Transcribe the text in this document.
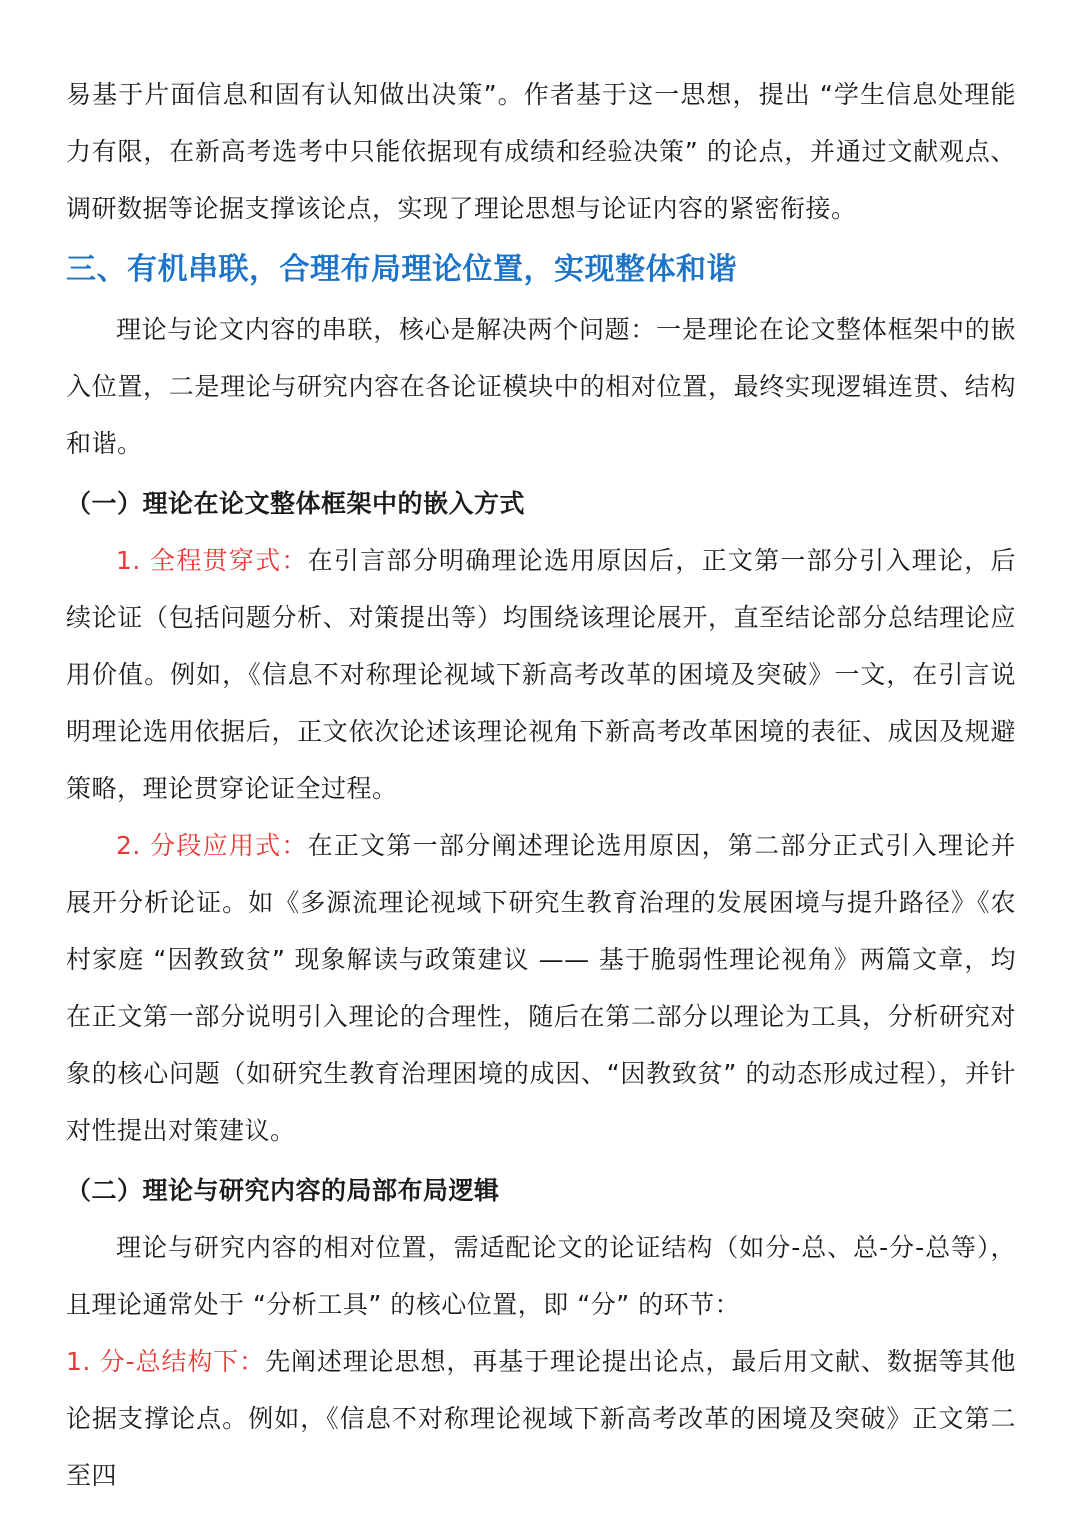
易基于片面信息和固有认知做出决策”。作者基于这一思想，提出 “学生信息处理能力有限，在新高考选考中只能依据现有成绩和经验决策” 的论点，并通过文献观点、调研数据等论据支撑该论点，实现了理论思想与论证内容的紧密衔接。

三、有机串联，合理布局理论位置，实现整体和谐

理论与论文内容的串联，核心是解决两个问题：一是理论在论文整体框架中的嵌入位置，二是理论与研究内容在各论证模块中的相对位置，最终实现逻辑连贯、结构和谐。

（一）理论在论文整体框架中的嵌入方式

1. 全程贯穿式：在引言部分明确理论选用原因后，正文第一部分引入理论，后续论证（包括问题分析、对策提出等）均围绕该理论展开，直至结论部分总结理论应用价值。例如，《信息不对称理论视域下新高考改革的困境及突破》一文，在引言说明理论选用依据后，正文依次论述该理论视角下新高考改革困境的表征、成因及规避策略，理论贯穿论证全过程。

2. 分段应用式：在正文第一部分阐述理论选用原因，第二部分正式引入理论并展开分析论证。如《多源流理论视域下研究生教育治理的发展困境与提升路径》《农村家庭 “因教致贫” 现象解读与政策建议 —— 基于脆弱性理论视角》两篇文章，均在正文第一部分说明引入理论的合理性，随后在第二部分以理论为工具，分析研究对象的核心问题（如研究生教育治理困境的成因、“因教致贫” 的动态形成过程），并针对性提出对策建议。

（二）理论与研究内容的局部布局逻辑

理论与研究内容的相对位置，需适配论文的论证结构（如分-总、总-分-总等），且理论通常处于 “分析工具” 的核心位置，即 “分” 的环节：

1. 分-总结构下：先阐述理论思想，再基于理论提出论点，最后用文献、数据等其他论据支撑论点。例如，《信息不对称理论视域下新高考改革的困境及突破》正文第二至四
